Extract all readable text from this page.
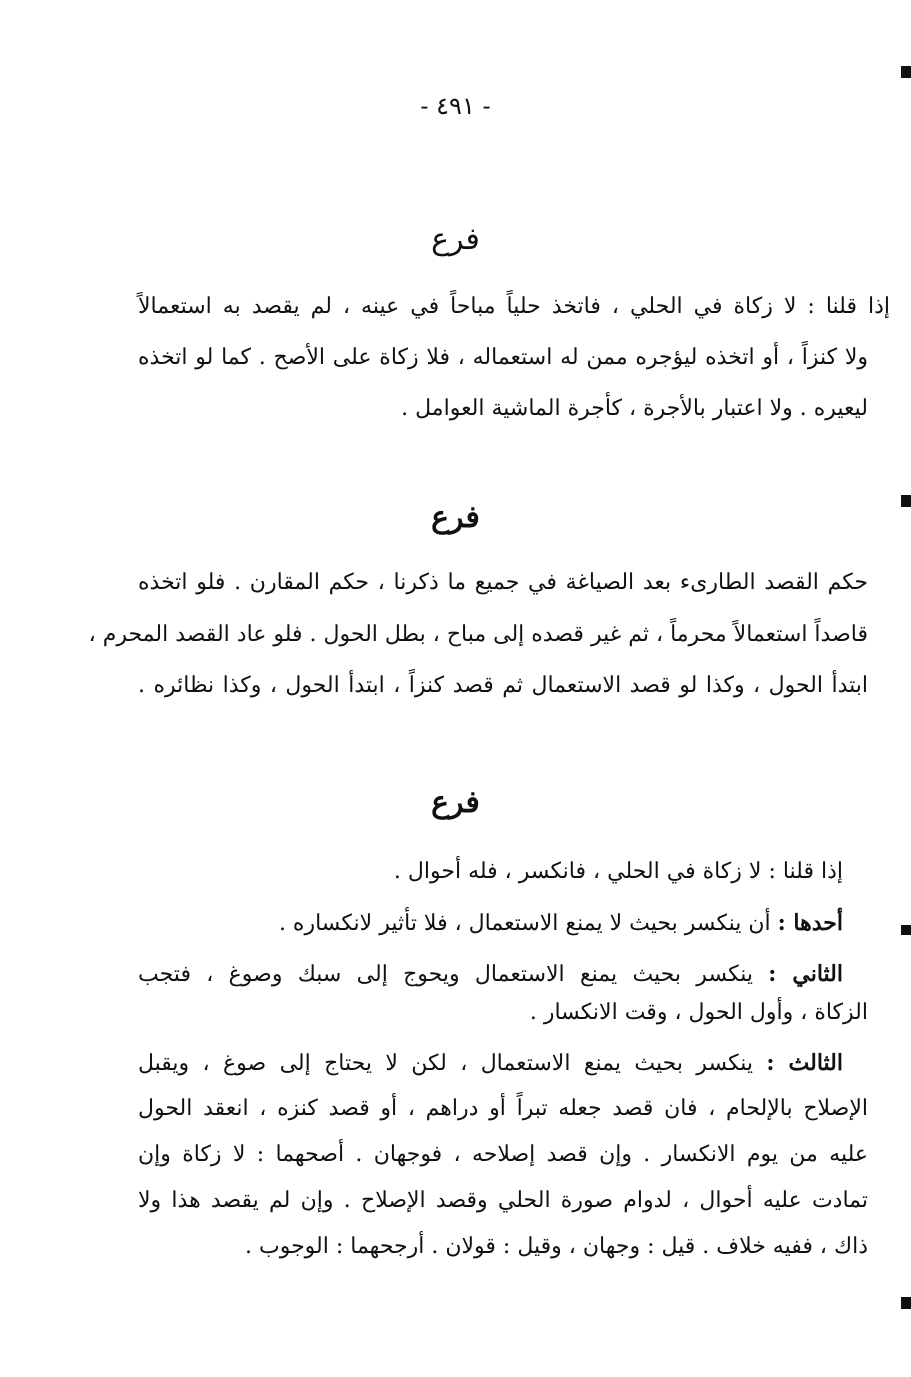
- ٤٩١ -
فرع
إذا قلنا : لا زكاة في الحلي ، فاتخذ حلياً مباحاً في عينه ، لم يقصد به استعمالاً
ولا كنزاً ، أو اتخذه ليؤجره ممن له استعماله ، فلا زكاة على الأصح . كما لو اتخذه
ليعيره . ولا اعتبار بالأجرة ، كأجرة الماشية العوامل .
فرع
حكم القصد الطارىء بعد الصياغة في جميع ما ذكرنا ، حكم المقارن . فلو اتخذه
قاصداً استعمالاً محرماً ، ثم غير قصده إلى مباح ، بطل الحول . فلو عاد القصد المحرم ،
ابتدأ الحول ، وكذا لو قصد الاستعمال ثم قصد كنزاً ، ابتدأ الحول ، وكذا نظائره .
فرع
إذا قلنا : لا زكاة في الحلي ، فانكسر ، فله أحوال .
أحدها : أن ينكسر بحيث لا يمنع الاستعمال ، فلا تأثير لانكساره .
الثاني : ينكسر بحيث يمنع الاستعمال ويحوج إلى سبك وصوغ ، فتجب
الزكاة ، وأول الحول ، وقت الانكسار .
الثالث : ينكسر بحيث يمنع الاستعمال ، لكن لا يحتاج إلى صوغ ، ويقبل
الإصلاح بالإلحام ، فان قصد جعله تبراً أو دراهم ، أو قصد كنزه ، انعقد الحول
عليه من يوم الانكسار . وإن قصد إصلاحه ، فوجهان . أصحهما : لا زكاة وإن
تمادت عليه أحوال ، لدوام صورة الحلي وقصد الإصلاح . وإن لم يقصد هذا ولا
ذاك ، ففيه خلاف . قيل : وجهان ، وقيل : قولان . أرجحهما : الوجوب .
